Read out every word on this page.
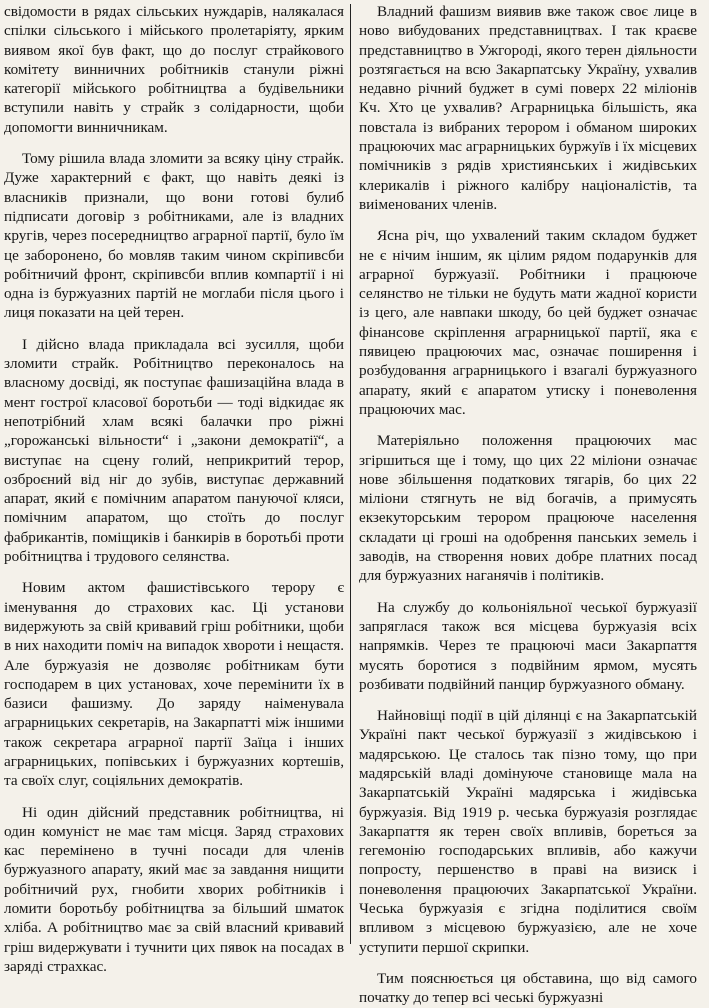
свідомости в рядах сільських нуждарів, налякалася спілки сільського і мійського пролетаріяту, ярким виявом якої був факт, що до послуг страйкового комітету винничних робітників станули ріжні категорії мійського робітництва а будівельники вступили навіть у страйк з солідарности, щоби допомогти винничникам.

Тому рішила влада зломити за всяку ціну страйк. Дуже характерний є факт, що навіть деякі із власників признали, що вони готові булиб підписати договір з робітниками, але із владних кругів, через посередництво аграрної партії, було їм це заборонено, бо мовляв таким чином скріпивсби робітничий фронт, скріпивсби вплив компартії і ні одна із буржуазних партій не моглаби після цього і лиця показати на цей терен.

І дійсно влада прикладала всі зусилля, щоби зломити страйк. Робітництво переконалось на власному досвіді, як поступає фашизаційна влада в мент гострої класової боротьби — тоді відкидає як непотрібний хлам всякі балачки про ріжні „горожанські вільности“ і „закони демократії“, а виступає на сцену голий, неприкритий терор, озброєний від ніг до зубів, виступає державний апарат, який є помічним апаратом пануючої кляси, помічним апаратом, що стоїть до послуг фабрикантів, поміщиків і банкирів в боротьбі проти робітництва і трудового селянства.

Новим актом фашистівського терору є іменування до страхових кас. Ці установи видержують за свій кривавий гріш робітники, щоби в них находити поміч на випадок хвороти і нещастя. Але буржуазія не дозволяє робітникам бути господарем в цих установах, хоче перемінити їх в базиси фашизму. До заряду наіменувала аграрницьких секретарів, на Закарпатті між іншими також секретара аграрної партії Заїца і інших аграрницьких, попівських і буржуазних кортешів, та своїх слуг, соціяльних демократів.

Ні один дійсний представник робітництва, ні один комуніст не має там місця. Заряд страхових кас перемінено в тучні посади для членів буржуазного апарату, який має за завдання нищити робітничий рух, гнобити хворих робітників і ломити боротьбу робітництва за більший шматок хліба. А робітництво має за свій власний кривавий гріш видержувати і тучнити цих пявок на посадах в заряді страхкас.

Владний фашизм виявив вже також своє лице в ново вибудованих представництвах. І так краєве представництво в Ужгороді, якого терен діяльности розтягається на всю Закарпатську Україну, ухвалив недавно річний буджет в сумі поверх 22 міліонів Кч. Хто це ухвалив? Аграрницька більшість, яка повстала із вибраних терором і обманом широких працюючих мас аграрницьких буржуїв і їх місцевих помічників з рядів християнських і жидівських клерикалів і ріжного калібру націоналістів, та виіменованих членів.

Ясна річ, що ухвалений таким складом буджет не є нічим іншим, як цілим рядом подарунків для аграрної буржуазії. Робітники і працююче селянство не тільки не будуть мати жадної користи із цего, але навпаки шкоду, бо цей буджет означає фінансове скріплення аграрницької партії, яка є пявицею працюючих мас, означає поширення і розбудовання аграрницького і взагалі буржуазного апарату, який є апаратом утиску і поневолення працюючих мас.

Матеріяльно положення працюючих мас згіршиться ще і тому, що цих 22 міліони означає нове збільшення податкових тягарів, бо цих 22 міліони стягнуть не від богачів, а примусять екзекуторським терором працююче населення складати ці гроші на одобрення панських земель і заводів, на створення нових добре платних посад для буржуазних наганячів і політиків.

На службу до кольоніяльної чеської буржуазії запряглася також вся місцева буржуазія всіх напрямків. Через те працюючі маси Закарпаття мусять боротися з подвійним ярмом, мусять розбивати подвійний панцир буржуазного обману.

Найновіщі події в цій ділянці є на Закарпатській Україні пакт чеської буржуазії з жидівською і мадярською. Це сталось так пізно тому, що при мадярській владі домінуюче становище мала на Закарпатській Україні мадярська і жидівська буржуазія. Від 1919 р. чеська буржуазія розглядає Закарпаття як терен своїх впливів, бореться за гегемонію господарських впливів, або кажучи попросту, першенство в праві на визиск і поневолення працюючих Закарпатської України. Чеська буржуазія є згідна поділитися своїм впливом з місцевою буржуазією, але не хоче уступити першої скрипки.

Тим пояснюється ця обставина, що від самого початку до тепер всі чеські буржуазні
